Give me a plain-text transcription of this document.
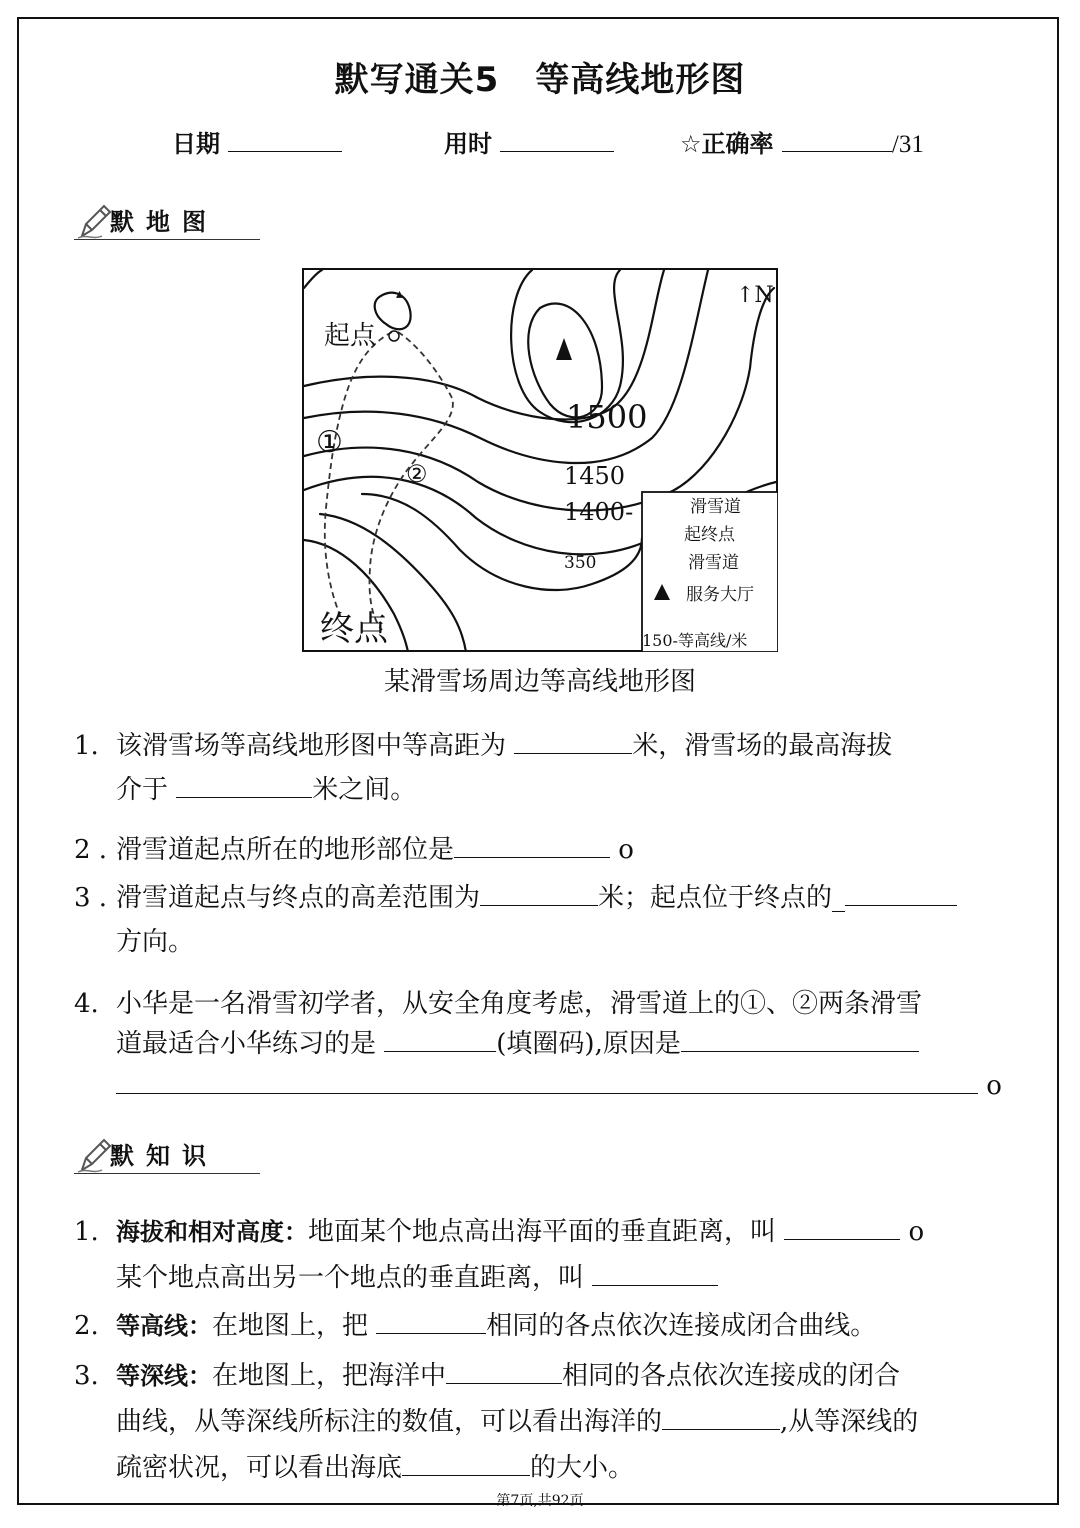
默写通关5 等高线地形图
日期	用时	☆正确率	/31
默地图
▴	↑N
起点
①
②
1500
1450
1400-
350
终点
滑雪道
起终点
滑雪道
服务大厅
150-等高线/米
某滑雪场周边等高线地形图
1. 该滑雪场等高线地形图中等高距为	米，滑雪场的最高海拔
介于	米之间。
2 . 滑雪道起点所在的地形部位是	o
3 . 滑雪道起点与终点的高差范围为	米；起点位于终点的_
方向。
4. 小华是一名滑雪初学者，从安全角度考虑，滑雪道上的①、②两条滑雪
道最适合小华练习的是	(填圈码),原因是
o
默知识
1. 海拔和相对高度：地面某个地点高出海平面的垂直距离，叫	o
某个地点高出另一个地点的垂直距离，叫
2. 等高线：在地图上，把	相同的各点依次连接成闭合曲线。
3. 等深线：在地图上，把海洋中	相同的各点依次连接成的闭合
曲线，从等深线所标注的数值，可以看出海洋的	,从等深线的
疏密状况，可以看出海底	的大小。
第7页,共92页
